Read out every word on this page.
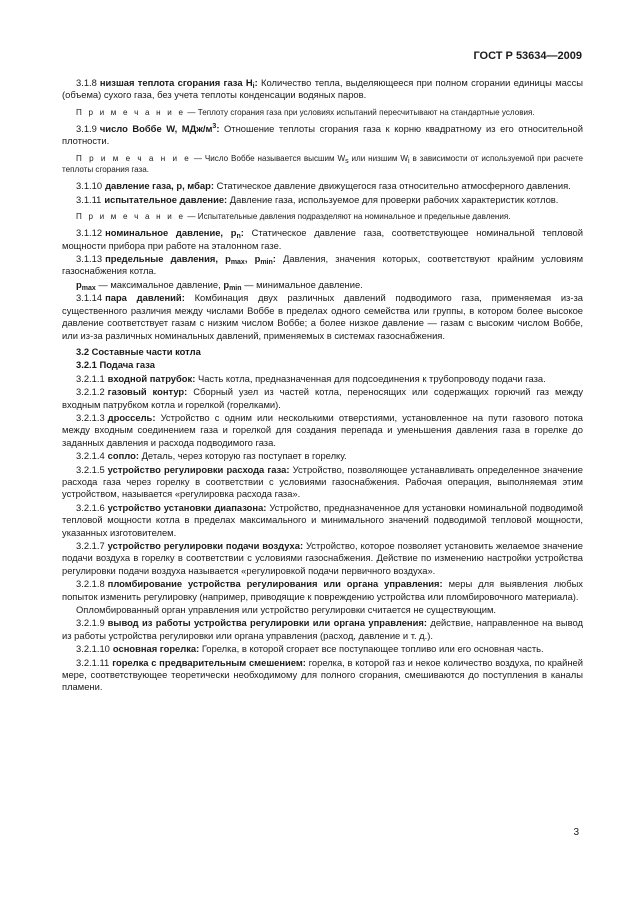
ГОСТ Р 53634—2009

3.1.8 низшая теплота сгорания газа $H_i$: Количество тепла, выделяющееся при полном сгорании единицы массы (объема) сухого газа, без учета теплоты конденсации водяных паров.

П р и м е ч а н и е — Теплоту сгорания газа при условиях испытаний пересчитывают на стандартные условия.

3.1.9 число Воббе W, МДж/$м^3$: Отношение теплоты сгорания газа к корню квадратному из его относительной плотности.

П р и м е ч а н и е — Число Воббе называется высшим $W_s$ или низшим $W_i$ в зависимости от используемой при расчете теплоты сгорания газа.

3.1.10 давление газа, p, мбар: Статическое давление движущегося газа относительно атмосферного давления.

3.1.11 испытательное давление: Давление газа, используемое для проверки рабочих характеристик котлов.

П р и м е ч а н и е — Испытательные давления подразделяют на номинальное и предельные давления.

3.1.12 номинальное давление, $p_n$: Статическое давление газа, соответствующее номинальной тепловой мощности прибора при работе на эталонном газе.

3.1.13 предельные давления, $p_{max}$, $p_{min}$: Давления, значения которых, соответствуют крайним условиям газоснабжения котла.

$p_{max}$ — максимальное давление, $p_{min}$ — минимальное давление.

3.1.14 пара давлений: Комбинация двух различных давлений подводимого газа, применяемая из-за существенного различия между числами Воббе в пределах одного семейства или группы, в котором более высокое давление соответствует газам с низким числом Воббе; а более низкое давление — газам с высоким числом Воббе, или из-за различных номинальных давлений, применяемых в системах газоснабжения.

3.2 Составные части котла

3.2.1 Подача газа

3.2.1.1 входной патрубок: Часть котла, предназначенная для подсоединения к трубопроводу подачи газа.

3.2.1.2 газовый контур: Сборный узел из частей котла, переносящих или содержащих горючий газ между входным патрубком котла и горелкой (горелками).

3.2.1.3 дроссель: Устройство с одним или несколькими отверстиями, установленное на пути газового потока между входным соединением газа и горелкой для создания перепада и уменьшения давления газа в горелке до заданных давления и расхода подводимого газа.

3.2.1.4 сопло: Деталь, через которую газ поступает в горелку.

3.2.1.5 устройство регулировки расхода газа: Устройство, позволяющее устанавливать определенное значение расхода газа через горелку в соответствии с условиями газоснабжения. Рабочая операция, выполняемая этим устройством, называется «регулировка расхода газа».

3.2.1.6 устройство установки диапазона: Устройство, предназначенное для установки номинальной подводимой тепловой мощности котла в пределах максимального и минимального значений подводимой тепловой мощности, указанных изготовителем.

3.2.1.7 устройство регулировки подачи воздуха: Устройство, которое позволяет установить желаемое значение подачи воздуха в горелку в соответствии с условиями газоснабжения. Действие по изменению настройки устройства регулировки подачи воздуха называется «регулировкой подачи первичного воздуха».

3.2.1.8 пломбирование устройства регулирования или органа управления: меры для выявления любых попыток изменить регулировку (например, приводящие к повреждению устройства или пломбировочного материала).

Опломбированный орган управления или устройство регулировки считается не существующим.

3.2.1.9 вывод из работы устройства регулировки или органа управления: действие, направленное на вывод из работы устройства регулировки или органа управления (расход, давление и т. д.).

3.2.1.10 основная горелка: Горелка, в которой сгорает все поступающее топливо или его основная часть.

3.2.1.11 горелка с предварительным смешением: горелка, в которой газ и некое количество воздуха, по крайней мере, соответствующее теоретически необходимому для полного сгорания, смешиваются до поступления в каналы пламени.

3
